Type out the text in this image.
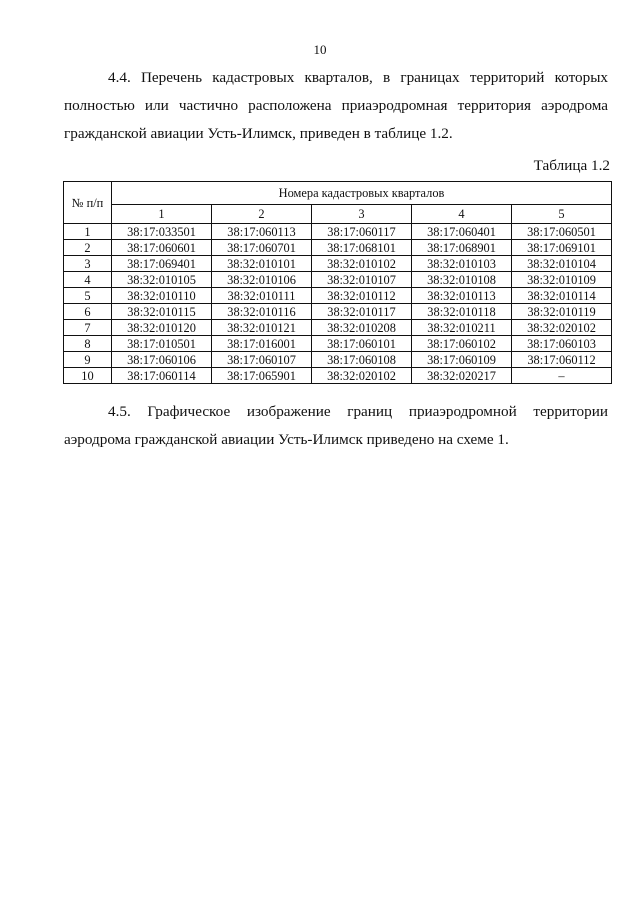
10
4.4. Перечень кадастровых кварталов, в границах территорий которых полностью или частично расположена приаэродромная территория аэродрома гражданской авиации Усть-Илимск, приведен в таблице 1.2.
Таблица 1.2
№ п/п	Номера кадастровых кварталов				
	1	2	3	4	5
1	38:17:033501	38:17:060113	38:17:060117	38:17:060401	38:17:060501
2	38:17:060601	38:17:060701	38:17:068101	38:17:068901	38:17:069101
3	38:17:069401	38:32:010101	38:32:010102	38:32:010103	38:32:010104
4	38:32:010105	38:32:010106	38:32:010107	38:32:010108	38:32:010109
5	38:32:010110	38:32:010111	38:32:010112	38:32:010113	38:32:010114
6	38:32:010115	38:32:010116	38:32:010117	38:32:010118	38:32:010119
7	38:32:010120	38:32:010121	38:32:010208	38:32:010211	38:32:020102
8	38:17:010501	38:17:016001	38:17:060101	38:17:060102	38:17:060103
9	38:17:060106	38:17:060107	38:17:060108	38:17:060109	38:17:060112
10	38:17:060114	38:17:065901	38:32:020102	38:32:020217	–
4.5. Графическое изображение границ приаэродромной территории аэродрома гражданской авиации Усть-Илимск приведено на схеме 1.
